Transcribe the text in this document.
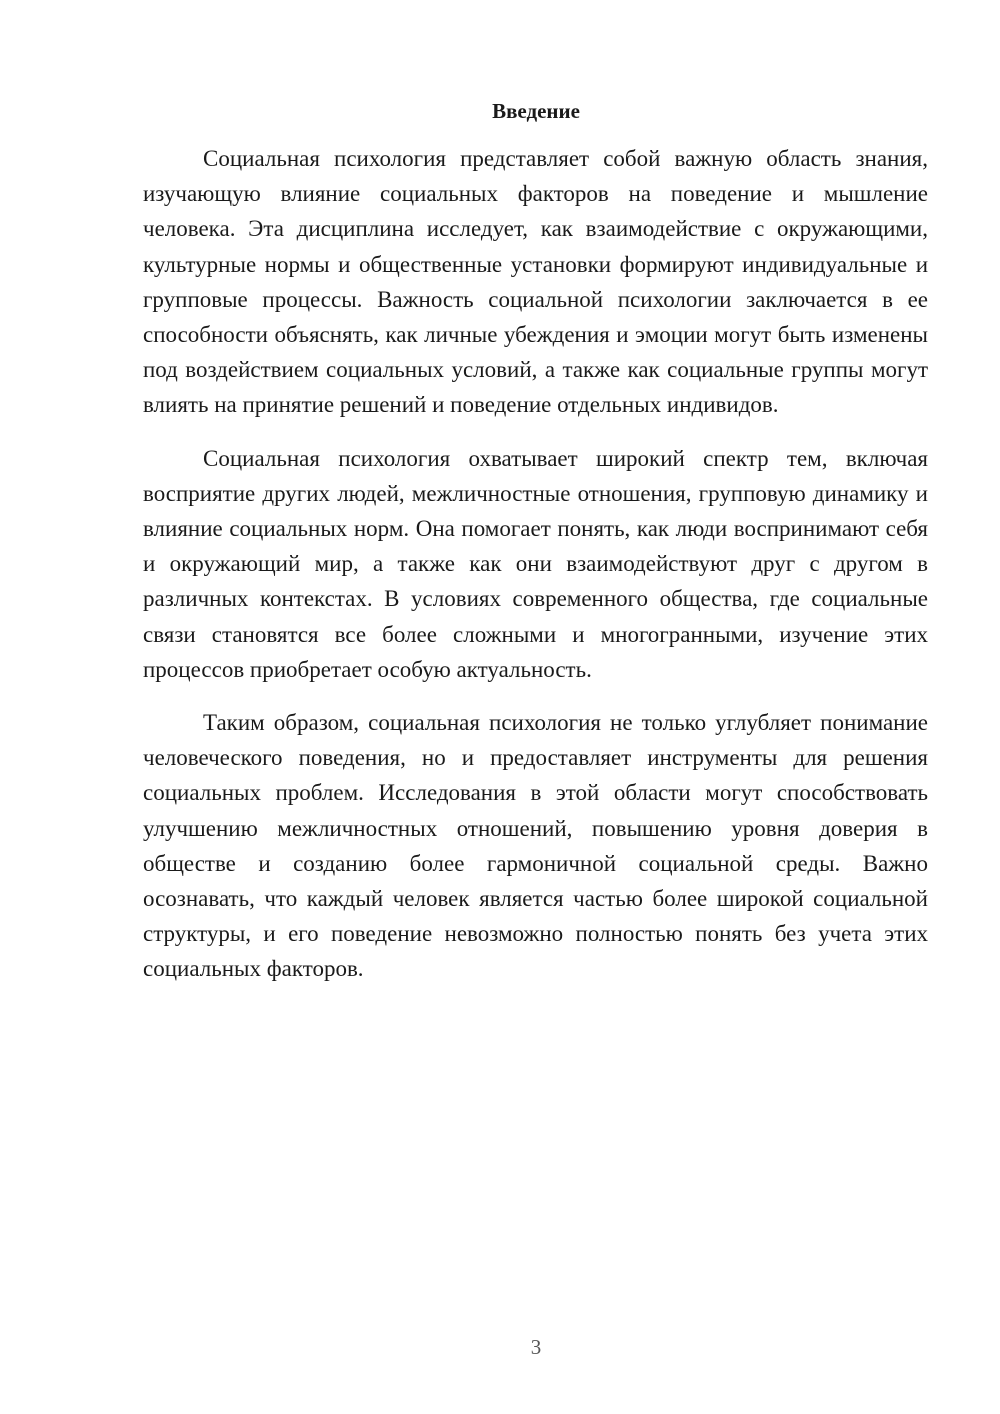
Введение

Социальная психология представляет собой важную область знания, изучающую влияние социальных факторов на поведение и мышление человека. Эта дисциплина исследует, как взаимодействие с окружающими, культурные нормы и общественные установки формируют индивидуальные и групповые процессы. Важность социальной психологии заключается в ее способности объяснять, как личные убеждения и эмоции могут быть изменены под воздействием социальных условий, а также как социальные группы могут влиять на принятие решений и поведение отдельных индивидов.

Социальная психология охватывает широкий спектр тем, включая восприятие других людей, межличностные отношения, групповую динамику и влияние социальных норм. Она помогает понять, как люди воспринимают себя и окружающий мир, а также как они взаимодействуют друг с другом в различных контекстах. В условиях современного общества, где социальные связи становятся все более сложными и многогранными, изучение этих процессов приобретает особую актуальность.

Таким образом, социальная психология не только углубляет понимание человеческого поведения, но и предоставляет инструменты для решения социальных проблем. Исследования в этой области могут способствовать улучшению межличностных отношений, повышению уровня доверия в обществе и созданию более гармоничной социальной среды. Важно осознавать, что каждый человек является частью более широкой социальной структуры, и его поведение невозможно полностью понять без учета этих социальных факторов.

3
